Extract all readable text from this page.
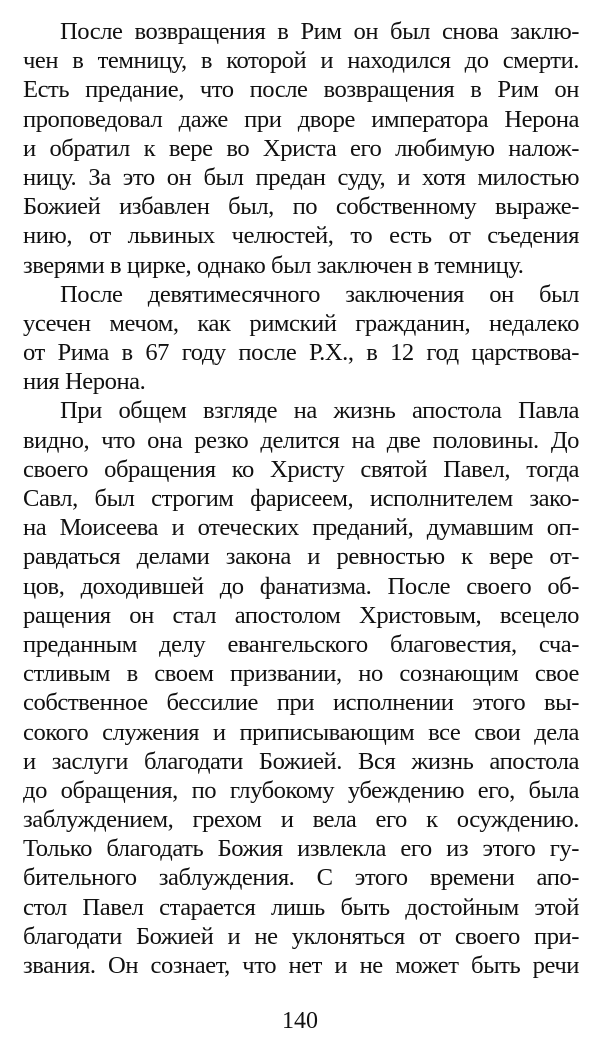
После возвращения в Рим он был снова заклю-
чен в темницу, в которой и находился до смерти.
Есть предание, что после возвращения в Рим он
проповедовал даже при дворе императора Нерона
и обратил к вере во Христа его любимую налож-
ницу. За это он был предан суду, и хотя милостью
Божией избавлен был, по собственному выраже-
нию, от львиных челюстей, то есть от съедения
зверями в цирке, однако был заключен в темницу.
После девятимесячного заключения он был
усечен мечом, как римский гражданин, недалеко
от Рима в 67 году после Р.Х., в 12 год царствова-
ния Нерона.
При общем взгляде на жизнь апостола Павла
видно, что она резко делится на две половины. До
своего обращения ко Христу святой Павел, тогда
Савл, был строгим фарисеем, исполнителем зако-
на Моисеева и отеческих преданий, думавшим оп-
равдаться делами закона и ревностью к вере от-
цов, доходившей до фанатизма. После своего об-
ращения он стал апостолом Христовым, всецело
преданным делу евангельского благовестия, сча-
стливым в своем призвании, но сознающим свое
собственное бессилие при исполнении этого вы-
сокого служения и приписывающим все свои дела
и заслуги благодати Божией. Вся жизнь апостола
до обращения, по глубокому убеждению его, была
заблуждением, грехом и вела его к осуждению.
Только благодать Божия извлекла его из этого гу-
бительного заблуждения. С этого времени апо-
стол Павел старается лишь быть достойным этой
благодати Божией и не уклоняться от своего при-
звания. Он сознает, что нет и не может быть речи
140
